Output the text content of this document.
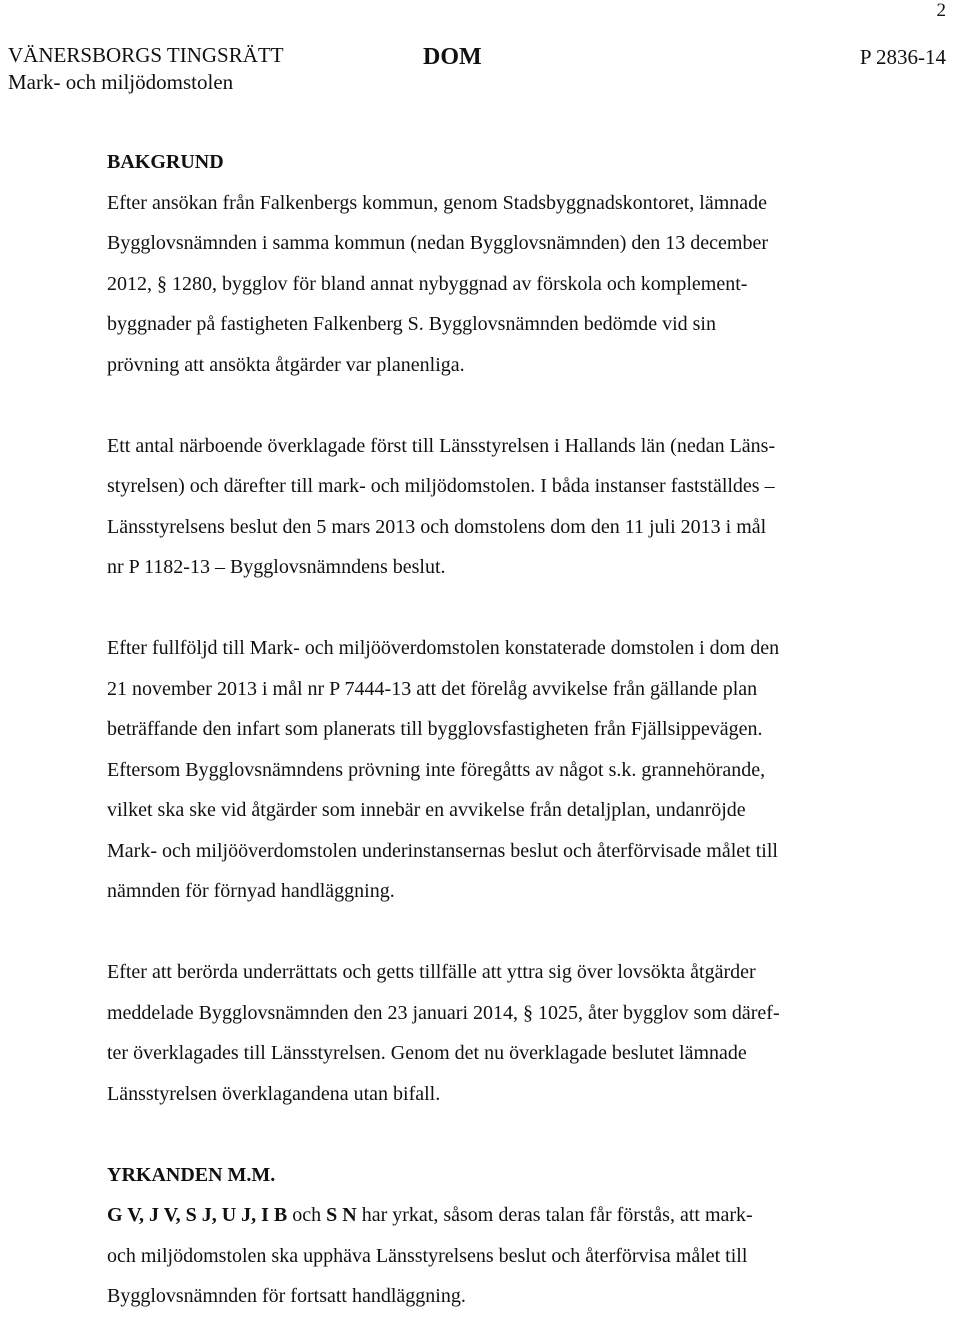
2
VÄNERSBORGS TINGSRÄTT
Mark- och miljödomstolen
DOM	P 2836-14
BAKGRUND

Efter ansökan från Falkenbergs kommun, genom Stadsbyggnadskontoret, lämnade
Bygglovsnämnden i samma kommun (nedan Bygglovsnämnden) den 13 december
2012, § 1280, bygglov för bland annat nybyggnad av förskola och komplement-
byggnader på fastigheten Falkenberg S. Bygglovsnämnden bedömde vid sin
prövning att ansökta åtgärder var planenliga.

Ett antal närboende överklagade först till Länsstyrelsen i Hallands län (nedan Läns-
styrelsen) och därefter till mark- och miljödomstolen. I båda instanser fastställdes –
Länsstyrelsens beslut den 5 mars 2013 och domstolens dom den 11 juli 2013 i mål
nr P 1182-13 – Bygglovsnämndens beslut.

Efter fullföljd till Mark- och miljööverdomstolen konstaterade domstolen i dom den
21 november 2013 i mål nr P 7444-13 att det förelåg avvikelse från gällande plan
beträffande den infart som planerats till bygglovsfastigheten från Fjällsippevägen.
Eftersom Bygglovsnämndens prövning inte föregåtts av något s.k. grannehörande,
vilket ska ske vid åtgärder som innebär en avvikelse från detaljplan, undanröjde
Mark- och miljööverdomstolen underinstansernas beslut och återförvisade målet till
nämnden för förnyad handläggning.

Efter att berörda underrättats och getts tillfälle att yttra sig över lovsökta åtgärder
meddelade Bygglovsnämnden den 23 januari 2014, § 1025, åter bygglov som däref-
ter överklagades till Länsstyrelsen. Genom det nu överklagade beslutet lämnade
Länsstyrelsen överklagandena utan bifall.

YRKANDEN M.M.

G V, J V, S J, U J, I B och S N har yrkat, såsom deras talan får förstås, att mark-
och miljödomstolen ska upphäva Länsstyrelsens beslut och återförvisa målet till
Bygglovsnämnden för fortsatt handläggning.
